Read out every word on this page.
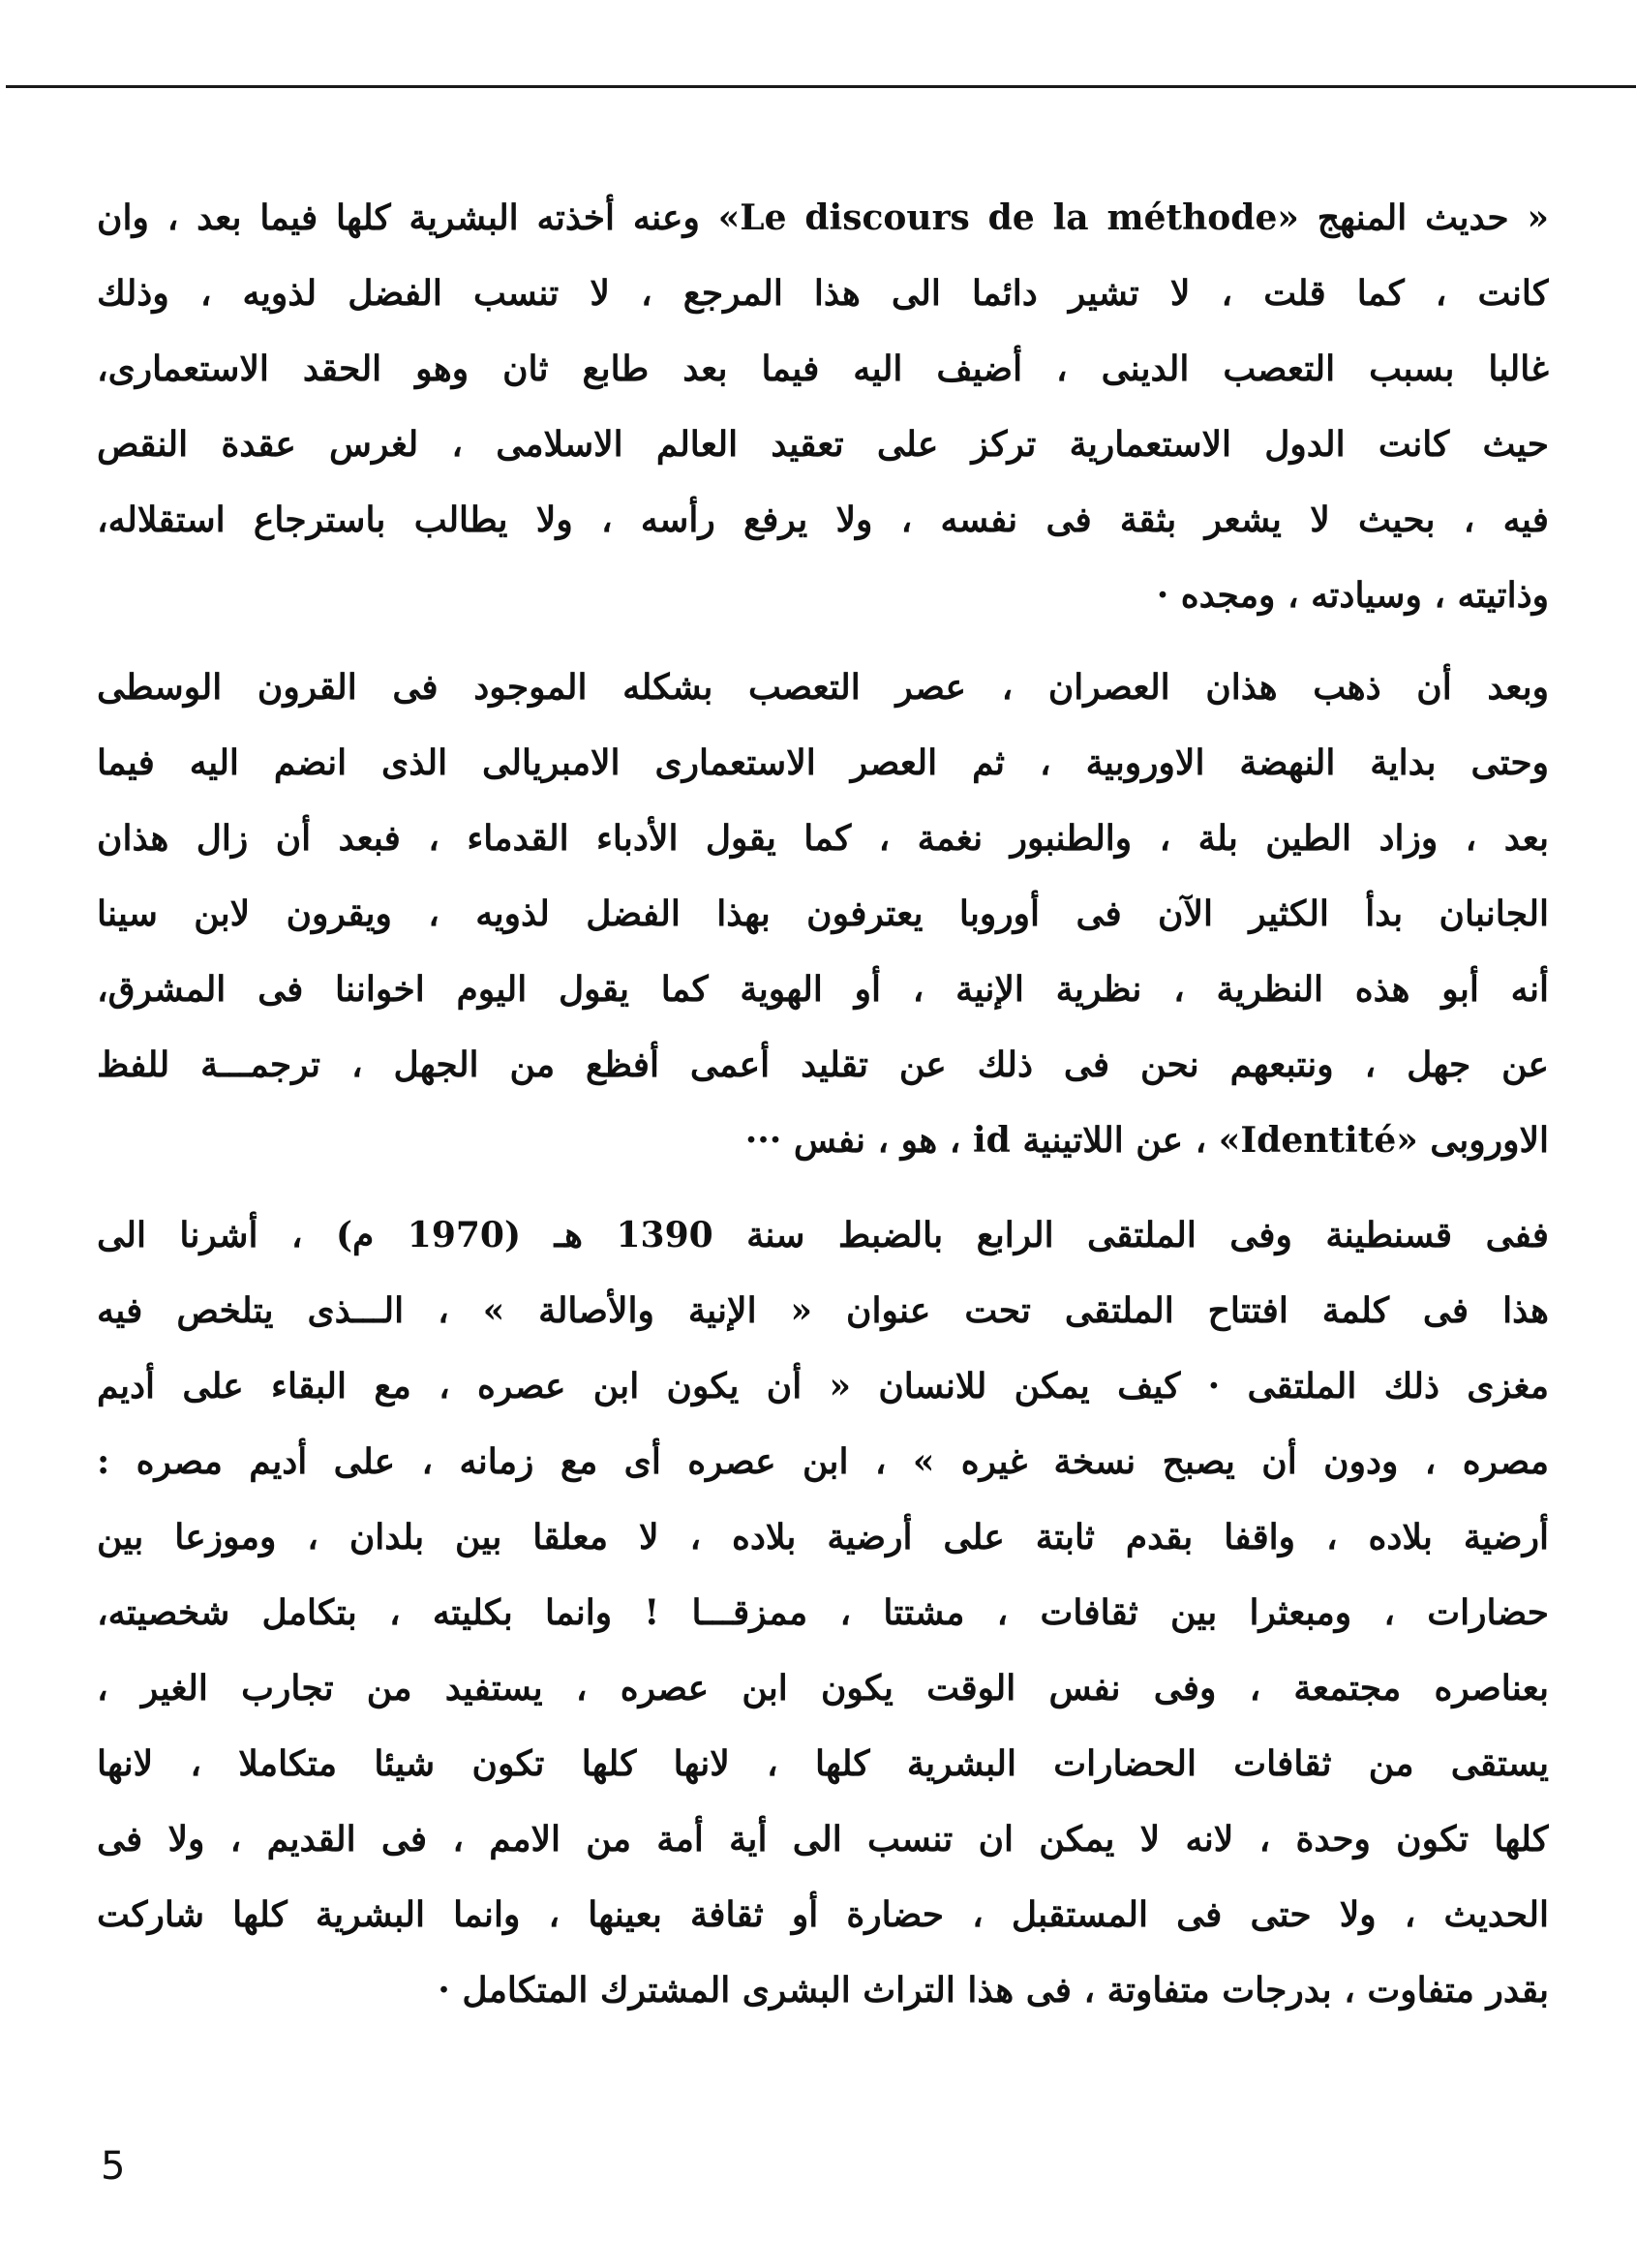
« حديث المنهج «Le discours de la méthode» وعنه أخذته البشرية كلها فيما بعد ، وان
كانت ، كما قلت ، لا تشير دائما الى هذا المرجع ، لا تنسب الفضل لذويه ، وذلك
غالبا بسبب التعصب الدينى ، أضيف اليه فيما بعد طابع ثان وهو الحقد الاستعمارى،
حيث كانت الدول الاستعمارية تركز على تعقيد العالم الاسلامى ، لغرس عقدة النقص
فيه ، بحيث لا يشعر بثقة فى نفسه ، ولا يرفع رأسه ، ولا يطالب باسترجاع استقلاله،
وذاتيته ، وسيادته ، ومجده ·
وبعد أن ذهب هذان العصران ، عصر التعصب بشكله الموجود فى القرون الوسطى
وحتى بداية النهضة الاوروبية ، ثم العصر الاستعمارى الامبريالى الذى انضم اليه فيما
بعد ، وزاد الطين بلة ، والطنبور نغمة ، كما يقول الأدباء القدماء ، فبعد أن زال هذان
الجانبان بدأ الكثير الآن فى أوروبا يعترفون بهذا الفضل لذويه ، ويقرون لابن سينا
أنه أبو هذه النظرية ، نظرية الإنية ، أو الهوية كما يقول اليوم اخواننا فى المشرق،
عن جهل ، ونتبعهم نحن فى ذلك عن تقليد أعمى أفظع من الجهل ، ترجمـــة للفظ
الاوروبى «Identité» ، عن اللاتينية id ، هو ، نفس ···
ففى قسنطينة وفى الملتقى الرابع بالضبط سنة 1390 هـ (1970 م) ، أشرنا الى
هذا فى كلمة افتتاح الملتقى تحت عنوان « الإنية والأصالة » ، الـــذى يتلخص فيه
مغزى ذلك الملتقى · كيف يمكن للانسان « أن يكون ابن عصره ، مع البقاء على أديم
مصره ، ودون أن يصبح نسخة غيره » ، ابن عصره أى مع زمانه ، على أديم مصره :
أرضية بلاده ، واقفا بقدم ثابتة على أرضية بلاده ، لا معلقا بين بلدان ، وموزعا بين
حضارات ، ومبعثرا بين ثقافات ، مشتتا ، ممزقـــا ! وانما بكليته ، بتكامل شخصيته،
بعناصره مجتمعة ، وفى نفس الوقت يكون ابن عصره ، يستفيد من تجارب الغير ،
يستقى من ثقافات الحضارات البشرية كلها ، لانها كلها تكون شيئا متكاملا ، لانها
كلها تكون وحدة ، لانه لا يمكن ان تنسب الى أية أمة من الامم ، فى القديم ، ولا فى
الحديث ، ولا حتى فى المستقبل ، حضارة أو ثقافة بعينها ، وانما البشرية كلها شاركت
بقدر متفاوت ، بدرجات متفاوتة ، فى هذا التراث البشرى المشترك المتكامل ·
5
